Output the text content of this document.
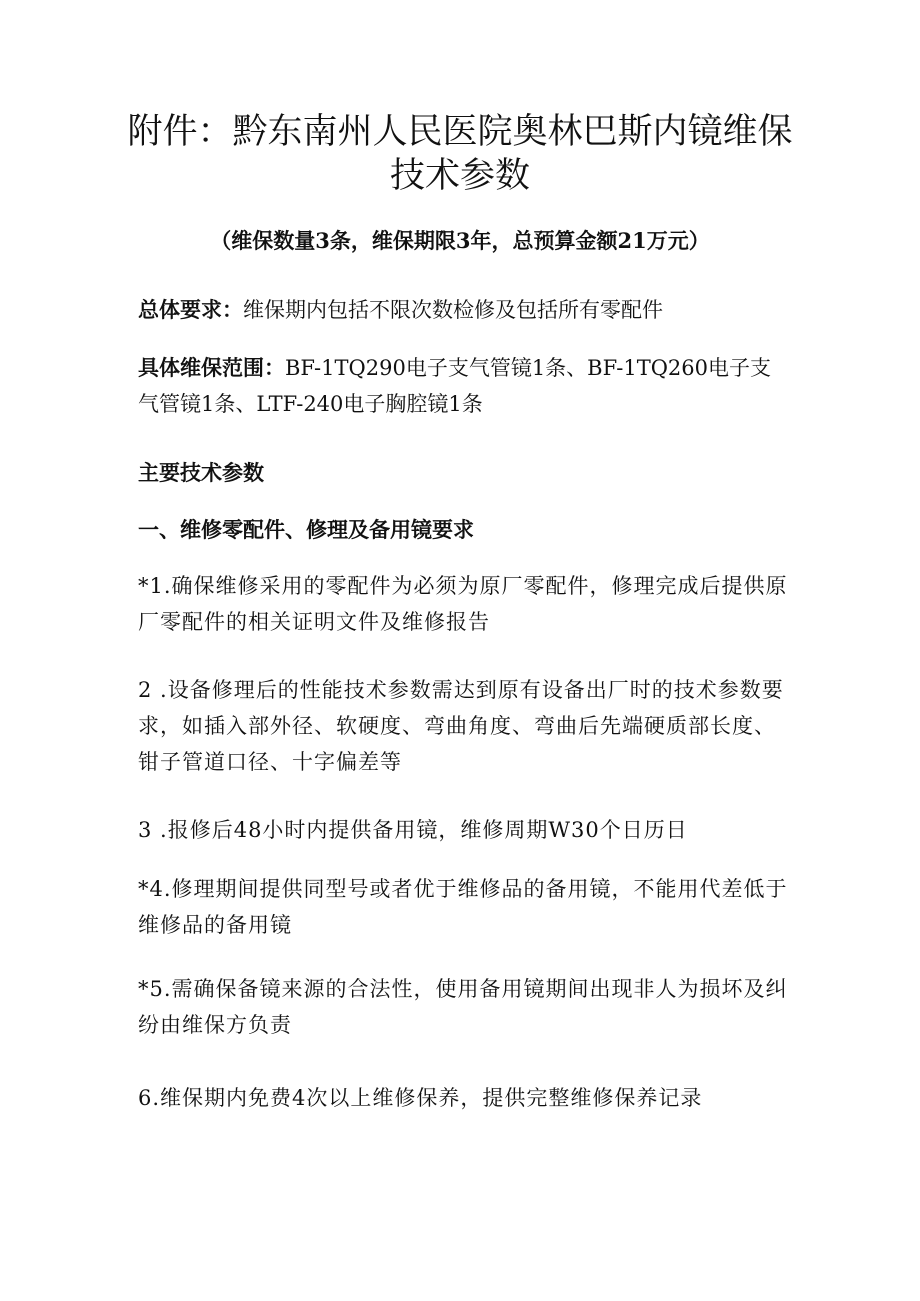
附件：黔东南州人民医院奥林巴斯内镜维保
技术参数

（维保数量3条，维保期限3年，总预算金额21万元）

总体要求：维保期内包括不限次数检修及包括所有零配件

具体维保范围：BF-1TQ290电子支气管镜1条、BF-1TQ260电子支气管镜1条、LTF-240电子胸腔镜1条

主要技术参数

一、维修零配件、修理及备用镜要求

*1.确保维修采用的零配件为必须为原厂零配件，修理完成后提供原厂零配件的相关证明文件及维修报告

2 .设备修理后的性能技术参数需达到原有设备出厂时的技术参数要求，如插入部外径、软硬度、弯曲角度、弯曲后先端硬质部长度、钳子管道口径、十字偏差等

3 .报修后48小时内提供备用镜，维修周期W30个日历日

*4.修理期间提供同型号或者优于维修品的备用镜，不能用代差低于维修品的备用镜

*5.需确保备镜来源的合法性，使用备用镜期间出现非人为损坏及纠纷由维保方负责

6.维保期内免费4次以上维修保养，提供完整维修保养记录
